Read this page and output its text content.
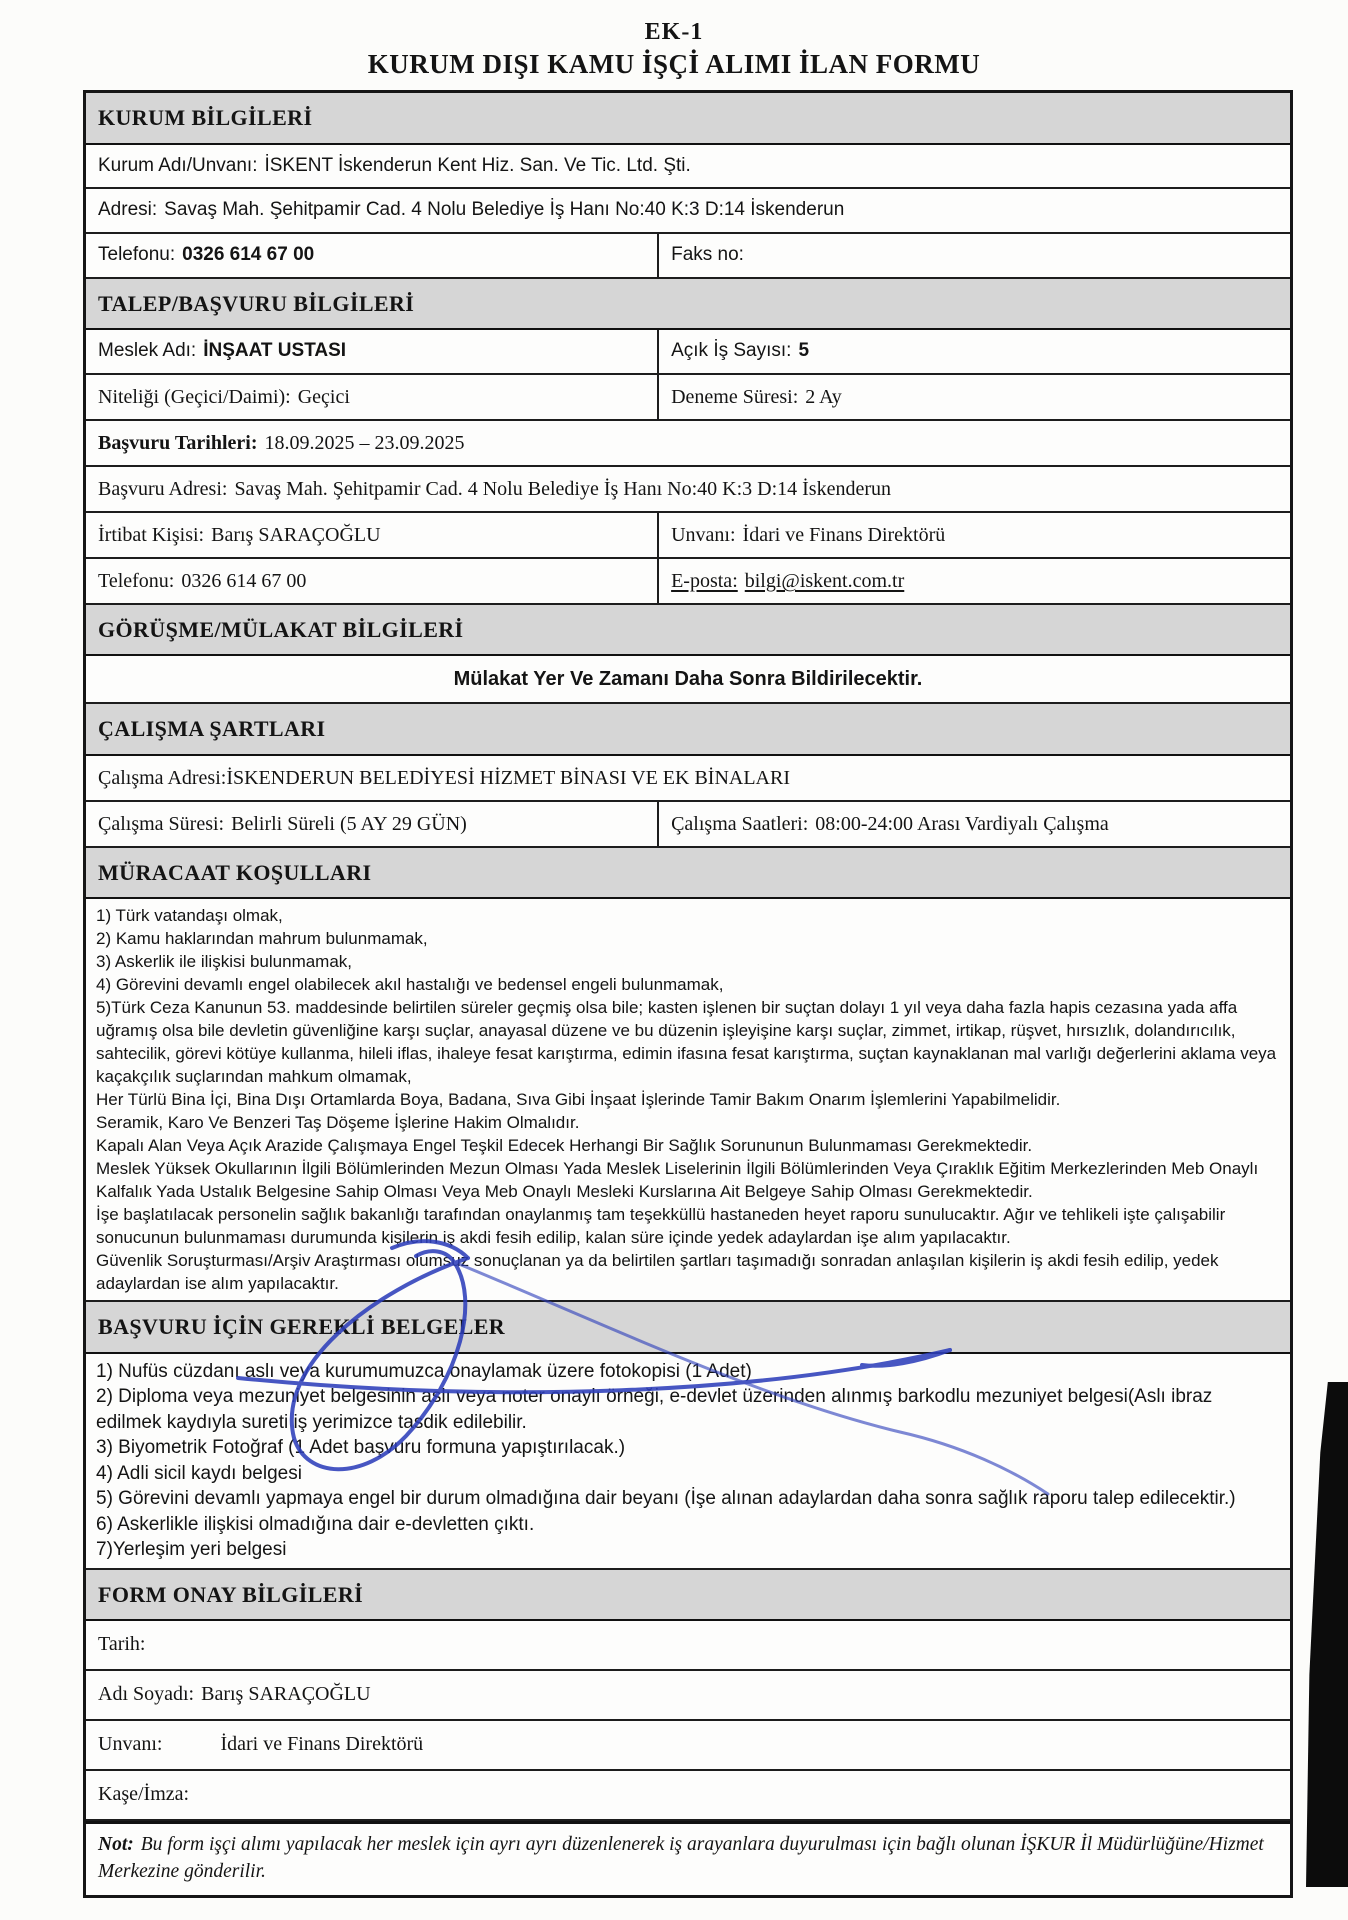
EK-1
KURUM DIŞI KAMU İŞÇİ ALIMI İLAN FORMU
KURUM BİLGİLERİ
Kurum Adı/Unvanı: İSKENT İskenderun Kent Hiz. San. Ve Tic. Ltd. Şti.
Adresi: Savaş Mah. Şehitpamir Cad. 4 Nolu Belediye İş Hanı No:40 K:3 D:14 İskenderun
Telefonu: 0326 614 67 00	Faks no:
TALEP/BAŞVURU BİLGİLERİ
Meslek Adı: İNŞAAT USTASI	Açık İş Sayısı: 5
Niteliği (Geçici/Daimi): Geçici	Deneme Süresi: 2 Ay
Başvuru Tarihleri: 18.09.2025 – 23.09.2025
Başvuru Adresi: Savaş Mah. Şehitpamir Cad. 4 Nolu Belediye İş Hanı No:40 K:3 D:14 İskenderun
İrtibat Kişisi: Barış SARAÇOĞLU	Unvanı: İdari ve Finans Direktörü
Telefonu: 0326 614 67 00	E-posta: bilgi@iskent.com.tr
GÖRÜŞME/MÜLAKAT BİLGİLERİ
Mülakat Yer Ve Zamanı Daha Sonra Bildirilecektir.
ÇALIŞMA ŞARTLARI
Çalışma Adresi:İSKENDERUN BELEDİYESİ HİZMET BİNASI VE EK BİNALARI
Çalışma Süresi: Belirli Süreli (5 AY 29 GÜN)	Çalışma Saatleri: 08:00-24:00 Arası Vardiyalı Çalışma
MÜRACAAT KOŞULLARI
1) Türk vatandaşı olmak,
2) Kamu haklarından mahrum bulunmamak,
3) Askerlik ile ilişkisi bulunmamak,
4) Görevini devamlı engel olabilecek akıl hastalığı ve bedensel engeli bulunmamak,
5)Türk Ceza Kanunun 53. maddesinde belirtilen süreler geçmiş olsa bile; kasten işlenen bir suçtan dolayı 1 yıl veya daha fazla hapis cezasına yada affa uğramış olsa bile devletin güvenliğine karşı suçlar, anayasal düzene ve bu düzenin işleyişine karşı suçlar, zimmet, irtikap, rüşvet, hırsızlık, dolandırıcılık, sahtecilik, görevi kötüye kullanma, hileli iflas, ihaleye fesat karıştırma, edimin ifasına fesat karıştırma, suçtan kaynaklanan mal varlığı değerlerini aklama veya kaçakçılık suçlarından mahkum olmamak,
Her Türlü Bina İçi, Bina Dışı Ortamlarda Boya, Badana, Sıva Gibi İnşaat İşlerinde Tamir Bakım Onarım İşlemlerini Yapabilmelidir.
Seramik, Karo Ve Benzeri Taş Döşeme İşlerine Hakim Olmalıdır.
Kapalı Alan Veya Açık Arazide Çalışmaya Engel Teşkil Edecek Herhangi Bir Sağlık Sorununun Bulunmaması Gerekmektedir.
Meslek Yüksek Okullarının İlgili Bölümlerinden Mezun Olması Yada Meslek Liselerinin İlgili Bölümlerinden Veya Çıraklık Eğitim Merkezlerinden Meb Onaylı Kalfalık Yada Ustalık Belgesine Sahip Olması Veya Meb Onaylı Mesleki Kurslarına Ait Belgeye Sahip Olması Gerekmektedir.
İşe başlatılacak personelin sağlık bakanlığı tarafından onaylanmış tam teşekküllü hastaneden heyet raporu sunulucaktır. Ağır ve tehlikeli işte çalışabilir sonucunun bulunmaması durumunda kişilerin iş akdi fesih edilip, kalan süre içinde yedek adaylardan işe alım yapılacaktır.
Güvenlik Soruşturması/Arşiv Araştırması olumsuz sonuçlanan ya da belirtilen şartları taşımadığı sonradan anlaşılan kişilerin iş akdi fesih edilip, yedek adaylardan ise alım yapılacaktır.
BAŞVURU İÇİN GEREKLİ BELGELER
1) Nufüs cüzdanı aslı veya kurumumuzca onaylamak üzere fotokopisi (1 Adet)
2) Diploma veya mezuniyet belgesinin aslı veya noter onaylı örneği, e-devlet üzerinden alınmış barkodlu mezuniyet belgesi(Aslı ibraz edilmek kaydıyla sureti iş yerimizce tasdik edilebilir.
3) Biyometrik Fotoğraf (1 Adet başvuru formuna yapıştırılacak.)
4) Adli sicil kaydı belgesi
5) Görevini devamlı yapmaya engel bir durum olmadığına dair beyanı (İşe alınan adaylardan daha sonra sağlık raporu talep edilecektir.)
6) Askerlikle ilişkisi olmadığına dair e-devletten çıktı.
7)Yerleşim yeri belgesi
FORM ONAY BİLGİLERİ
Tarih:
Adı Soyadı: Barış SARAÇOĞLU
Unvanı:	İdari ve Finans Direktörü
Kaşe/İmza:
Not: Bu form işçi alımı yapılacak her meslek için ayrı ayrı düzenlenerek iş arayanlara duyurulması için bağlı olunan İŞKUR İl Müdürlüğüne/Hizmet Merkezine gönderilir.
